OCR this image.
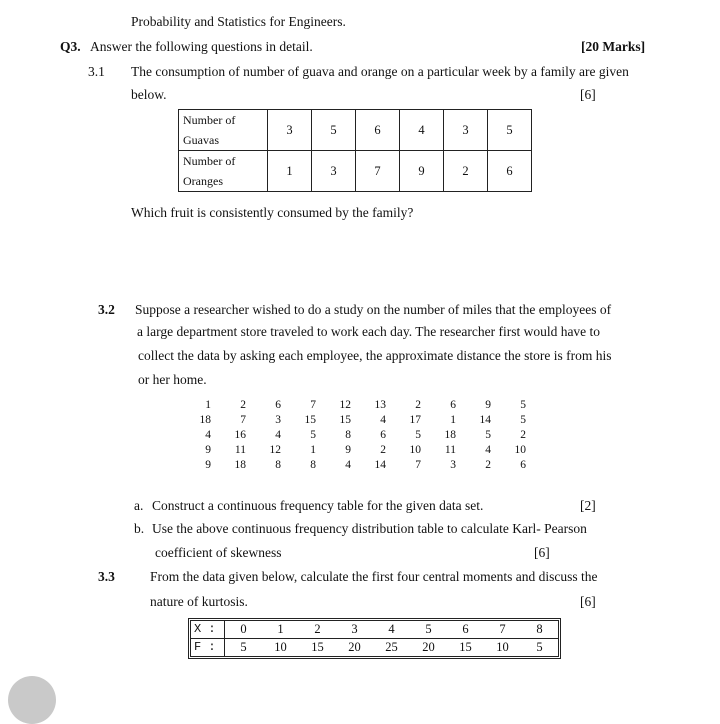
Probability and Statistics for Engineers.
Q3. Answer the following questions in detail.	[20 Marks]
3.1 The consumption of number of guava and orange on a particular week by a family are given
below.	[6]
Number of
Guavas	3	5	6	4	3	5

Number of
Oranges	1	3	7	9	2	6
Which fruit is consistently consumed by the family?
3.2 Suppose a researcher wished to do a study on the number of miles that the employees of
a large department store traveled to work each day. The researcher first would have to
collect the data by asking each employee, the approximate distance the store is from his
or her home.
1	2	6	7	12	13	2	6	9	5
18	7	3	15	15	4	17	1	14	5
4	16	4	5	8	6	5	18	5	2
9	11	12	1	9	2	10	11	4	10
9	18	8	8	4	14	7	3	2	6
a. Construct a continuous frequency table for the given data set.	[2]
b. Use the above continuous frequency distribution table to calculate Karl- Pearson
coefficient of skewness	[6]
3.3	From the data given below, calculate the first four central moments and discuss the
nature of kurtosis.	[6]
X :	0	1	2	3	4	5	6	7	8
F :	5	10	15	20	25	20	15	10	5
